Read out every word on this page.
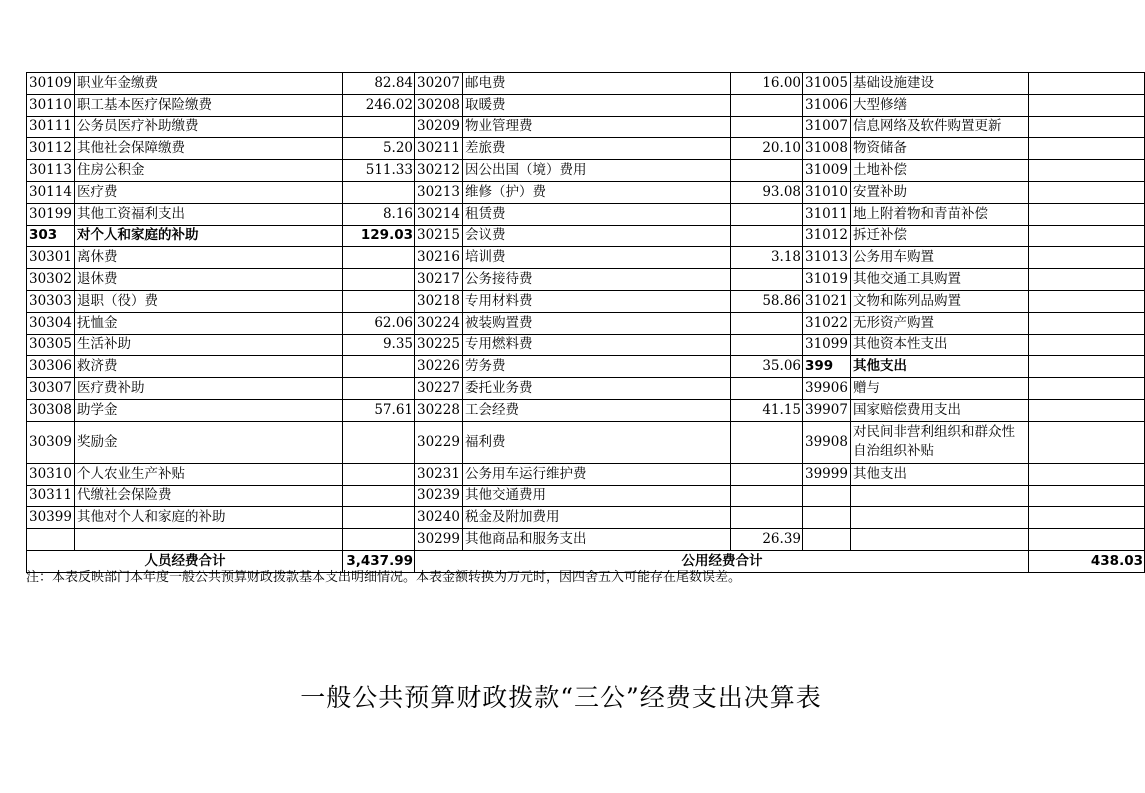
30109	职业年金缴费	82.84	30207	邮电费	16.00	31005	基础设施建设	
30110	职工基本医疗保险缴费	246.02	30208	取暖费		31006	大型修缮	
30111	公务员医疗补助缴费		30209	物业管理费		31007	信息网络及软件购置更新	
30112	其他社会保障缴费	5.20	30211	差旅费	20.10	31008	物资储备	
30113	住房公积金	511.33	30212	因公出国（境）费用		31009	土地补偿	
30114	医疗费		30213	维修（护）费	93.08	31010	安置补助	
30199	其他工资福利支出	8.16	30214	租赁费		31011	地上附着物和青苗补偿	
303	对个人和家庭的补助	129.03	30215	会议费		31012	拆迁补偿	
30301	离休费		30216	培训费	3.18	31013	公务用车购置	
30302	退休费		30217	公务接待费		31019	其他交通工具购置	
30303	退职（役）费		30218	专用材料费	58.86	31021	文物和陈列品购置	
30304	抚恤金	62.06	30224	被装购置费		31022	无形资产购置	
30305	生活补助	9.35	30225	专用燃料费		31099	其他资本性支出	
30306	救济费		30226	劳务费	35.06	399	其他支出	
30307	医疗费补助		30227	委托业务费		39906	赠与	
30308	助学金	57.61	30228	工会经费	41.15	39907	国家赔偿费用支出	
30309	奖励金		30229	福利费		39908	对民间非营利组织和群众性自治组织补贴	
30310	个人农业生产补贴		30231	公务用车运行维护费		39999	其他支出	
30311	代缴社会保险费		30239	其他交通费用				
30399	其他对个人和家庭的补助		30240	税金及附加费用				
			30299	其他商品和服务支出	26.39			
人员经费合计		3,437.99	公用经费合计					438.03
注：本表反映部门本年度一般公共预算财政拨款基本支出明细情况。本表金额转换为万元时，因四舍五入可能存在尾数误差。
一般公共预算财政拨款“三公”经费支出决算表
